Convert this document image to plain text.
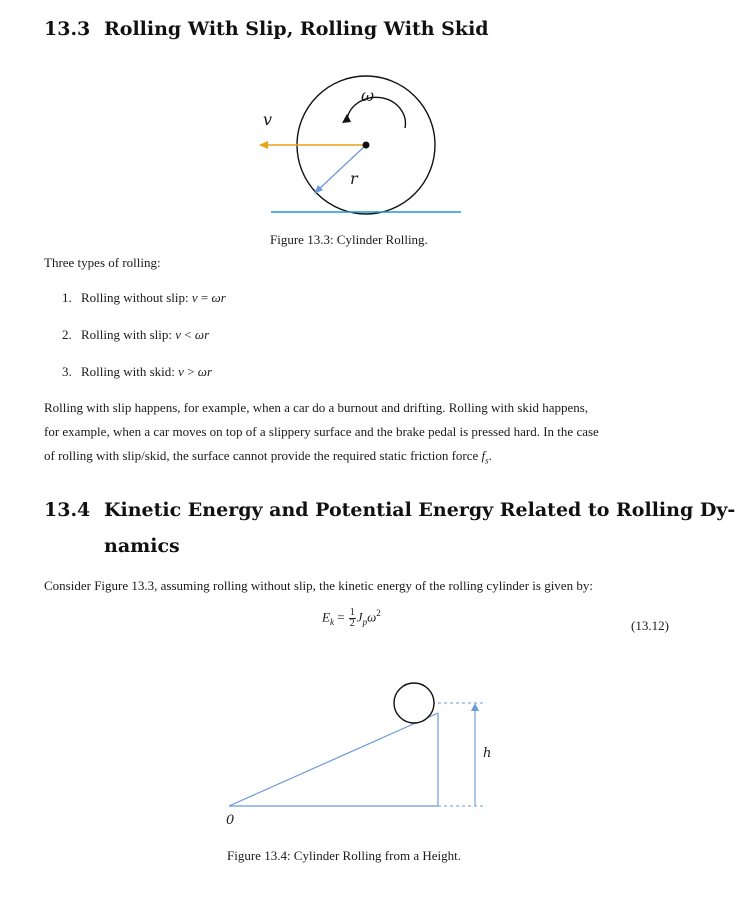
13.3 Rolling With Slip, Rolling With Skid
v
ω
r
Figure 13.3: Cylinder Rolling.
Three types of rolling:
1. Rolling without slip: v = ωr
2. Rolling with slip: v < ωr
3. Rolling with skid: v > ωr
Rolling with slip happens, for example, when a car do a burnout and drifting. Rolling with skid happens,
for example, when a car moves on top of a slippery surface and the brake pedal is pressed hard. In the case
of rolling with slip/skid, the surface cannot provide the required static friction force $f_s$.
13.4 Kinetic Energy and Potential Energy Related to Rolling Dy-
namics
Consider Figure 13.3, assuming rolling without slip, the kinetic energy of the rolling cylinder is given by:
$E_k = \frac{1}{2} J_p\omega^2$
(13.12)
h
0
Figure 13.4: Cylinder Rolling from a Height.
